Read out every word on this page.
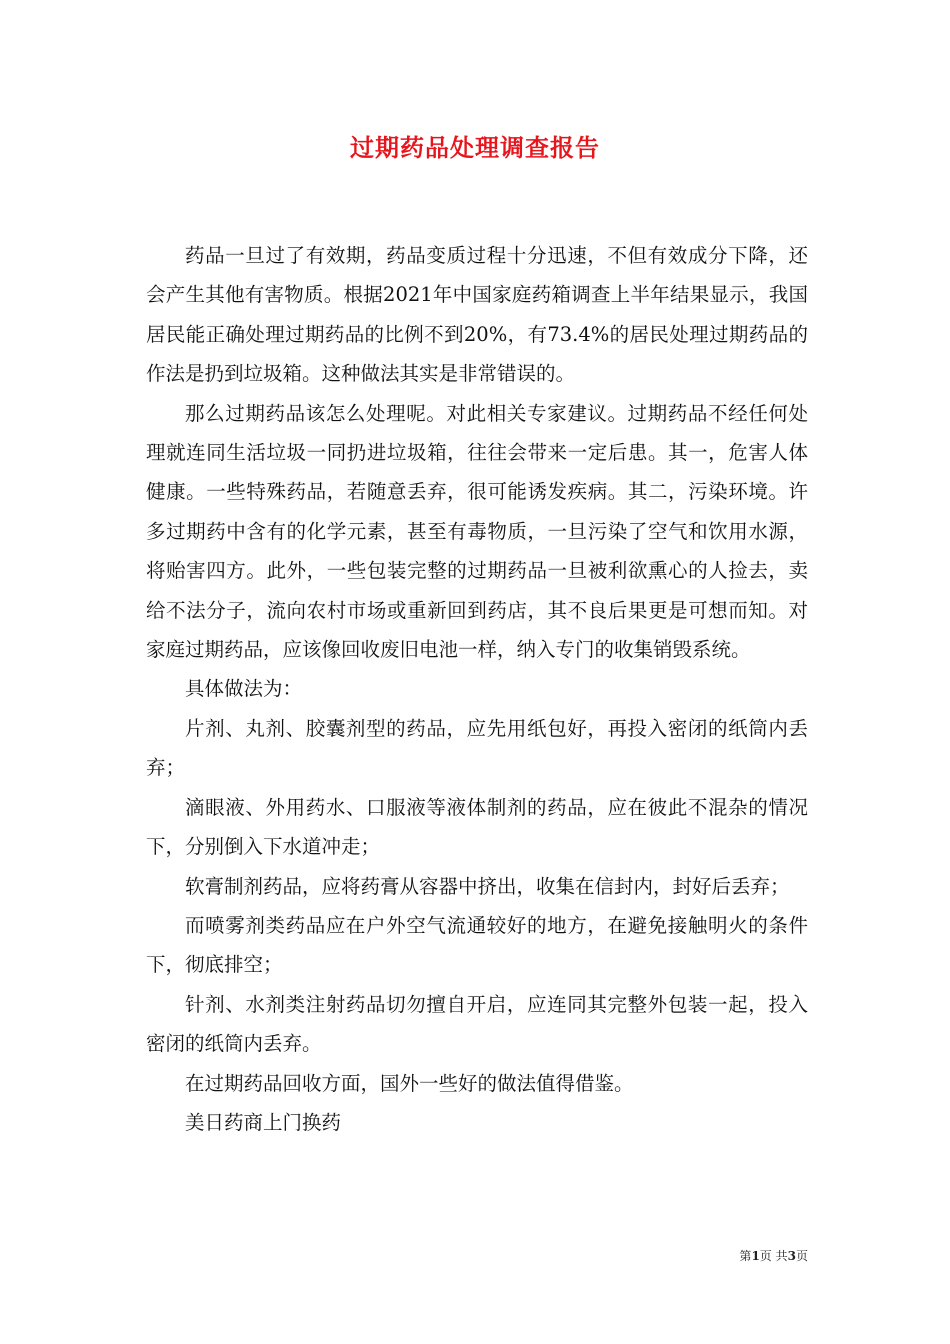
过期药品处理调查报告

药品一旦过了有效期，药品变质过程十分迅速，不但有效成分下降，还会产生其他有害物质。根据2021年中国家庭药箱调查上半年结果显示，我国居民能正确处理过期药品的比例不到20%，有73.4%的居民处理过期药品的作法是扔到垃圾箱。这种做法其实是非常错误的。

那么过期药品该怎么处理呢。对此相关专家建议。过期药品不经任何处理就连同生活垃圾一同扔进垃圾箱，往往会带来一定后患。其一，危害人体健康。一些特殊药品，若随意丢弃，很可能诱发疾病。其二，污染环境。许多过期药中含有的化学元素，甚至有毒物质，一旦污染了空气和饮用水源，将贻害四方。此外，一些包装完整的过期药品一旦被利欲熏心的人捡去，卖给不法分子，流向农村市场或重新回到药店，其不良后果更是可想而知。对家庭过期药品，应该像回收废旧电池一样，纳入专门的收集销毁系统。

具体做法为：

片剂、丸剂、胶囊剂型的药品，应先用纸包好，再投入密闭的纸筒内丢弃；

滴眼液、外用药水、口服液等液体制剂的药品，应在彼此不混杂的情况下，分别倒入下水道冲走；

软膏制剂药品，应将药膏从容器中挤出，收集在信封内，封好后丢弃；

而喷雾剂类药品应在户外空气流通较好的地方，在避免接触明火的条件下，彻底排空；

针剂、水剂类注射药品切勿擅自开启，应连同其完整外包装一起，投入密闭的纸筒内丢弃。

在过期药品回收方面，国外一些好的做法值得借鉴。

美日药商上门换药

第1页 共3页
